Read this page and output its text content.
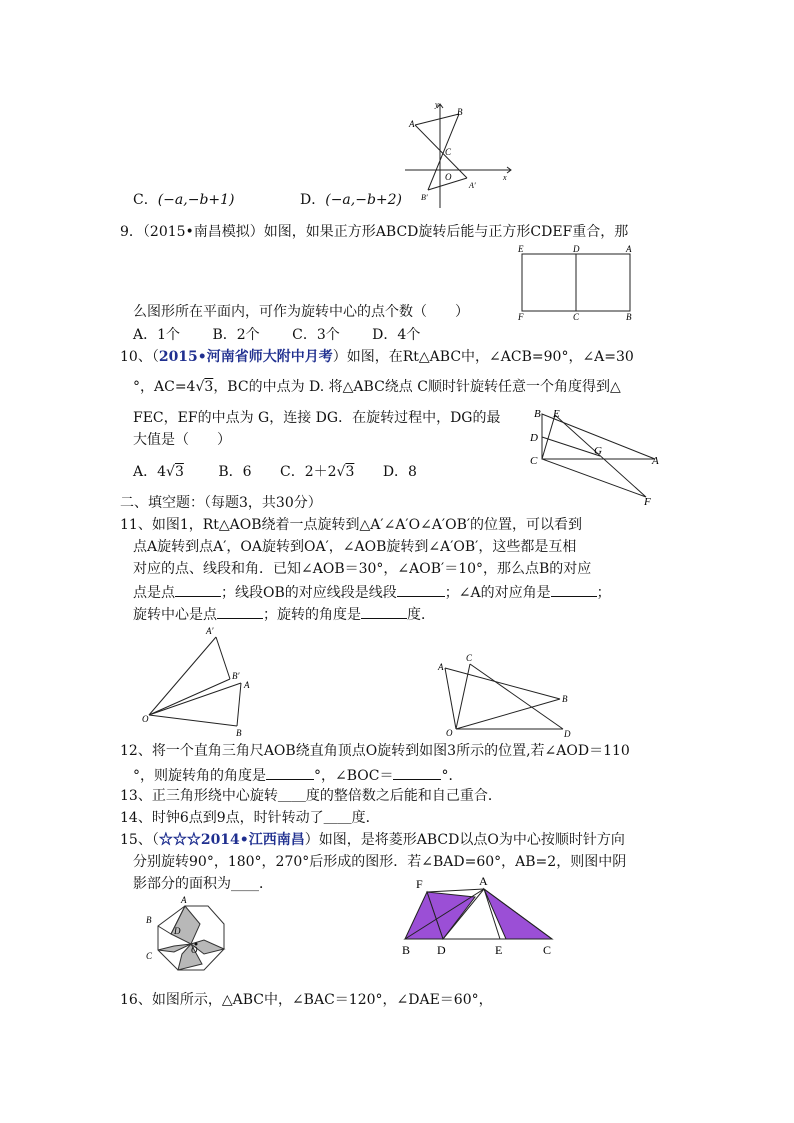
C．(−a,−b+1)	D．(−a,−b+2)
A
B
C
O
B′
A′
x
y
9．（2015•南昌模拟）如图，如果正方形ABCD旋转后能与正方形CDEF重合，那
E	D	A
F	C	B
么图形所在平面内，可作为旋转中心的点个数（　　）
A．1个　　 B．2个　　 C．3个　　 D．4个
10、（2015•河南省师大附中月考）如图，在Rt△ABC中，∠ACB=90°，∠A=30
°，AC=4√3，BC的中点为 D. 将△ABC绕点 C顺时针旋转任意一个角度得到△
FEC，EF的中点为 G，连接 DG．在旋转过程中，DG的最
大值是（　　）
A．4√3 B．6 C．2＋2√3 D．8
B E
D
G
C	A
F
二、填空题：（每题3，共30分）
11、如图1，Rt△AOB绕着一点旋转到△A′∠A′O∠A′OB′的位置，可以看到
点A旋转到点A′，OA旋转到OA′，∠AOB旋转到∠A′OB′，这些都是互相
对应的点、线段和角．已知∠AOB＝30°，∠AOB′＝10°，那么点B的对应
点是点	；线段OB的对应线段是线段	；∠A的对应角是	；
旋转中心是点	；旋转的角度是	度．
A′
B′
A
O
B
A
C
B
O	D
12、将一个直角三角尺AOB绕直角顶点O旋转到如图3所示的位置,若∠AOD＝110
°，则旋转角的角度是	°，∠BOC＝	°．
13、正三角形绕中心旋转＿＿度的整倍数之后能和自己重合．
14、时钟6点到9点，时针转动了＿＿度．
15、（☆☆☆2014•江西南昌）如图，是将菱形ABCD以点O为中心按顺时针方向
分别旋转90°，180°，270°后形成的图形．若∠BAD=60°，AB=2，则图中阴
影部分的面积为____．
A
B
D
O
C
F	A
B D	E	C
16、如图所示，△ABC中，∠BAC＝120°，∠DAE＝60°，
